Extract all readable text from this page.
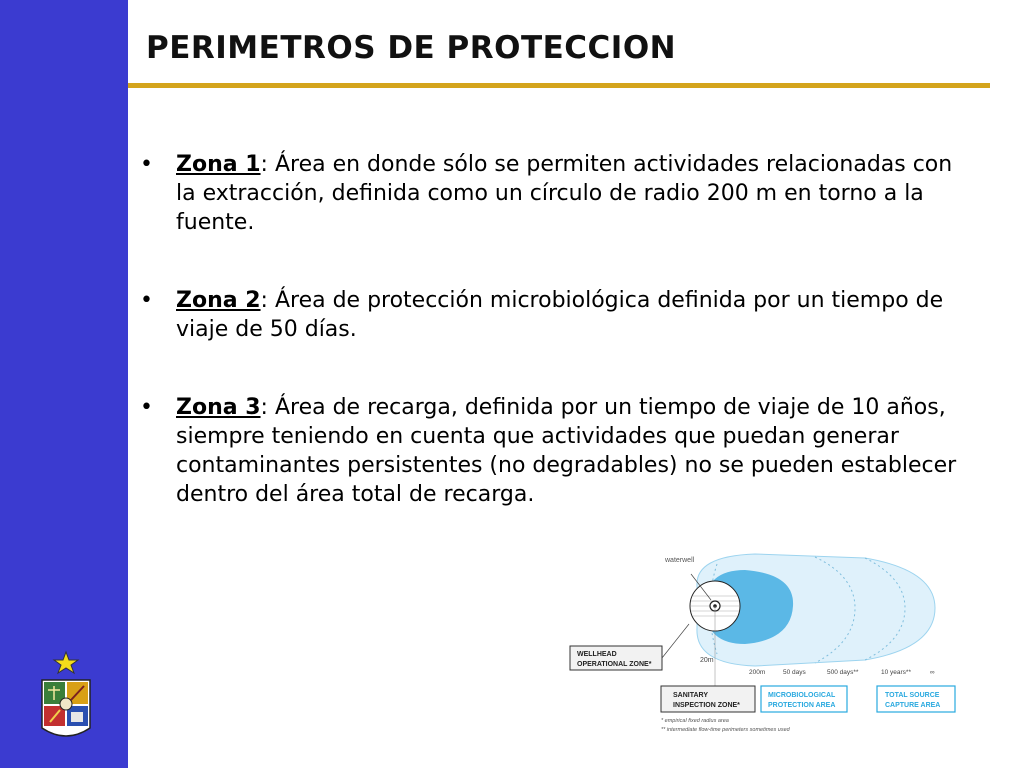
PERIMETROS DE PROTECCION
• Zona 1: Área en donde sólo se permiten actividades relacionadas con la extracción, definida como un círculo de radio 200 m en torno a la fuente.
• Zona 2: Área de protección microbiológica definida por un tiempo de viaje de 50 días.
• Zona 3: Área de recarga, definida por un tiempo de viaje de 10 años, siempre teniendo en cuenta que actividades que puedan generar contaminantes persistentes (no degradables) no se pueden establecer dentro del área total de recarga.
waterwell
WELLHEAD
OPERATIONAL ZONE*
20m
200m	50 days	500 days**	10 years**	∞
SANITARY
INSPECTION ZONE*
MICROBIOLOGICAL
PROTECTION AREA
TOTAL SOURCE
CAPTURE AREA
* empirical fixed radius area
** intermediate flow-time perimeters sometimes used
